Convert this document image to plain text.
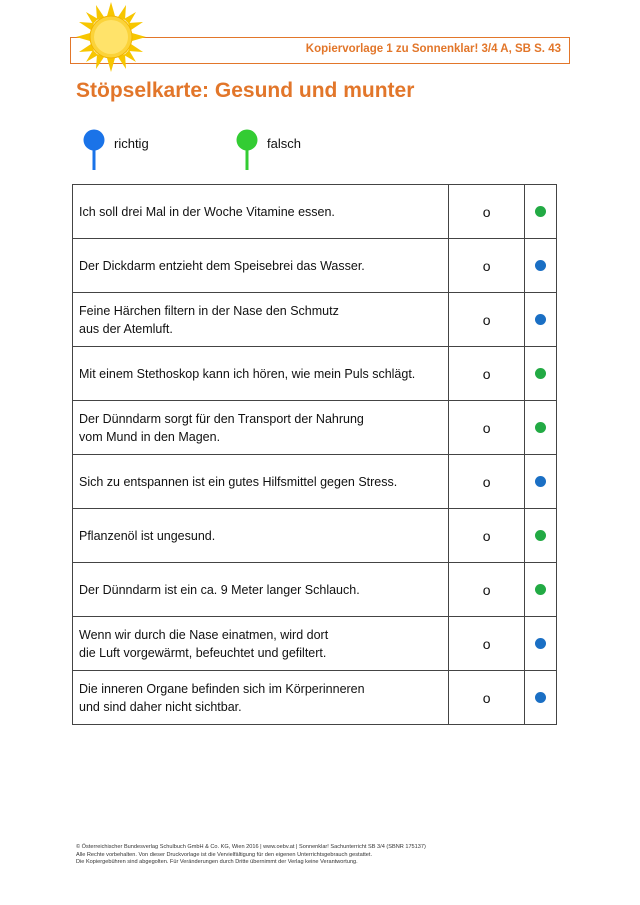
Kopiervorlage 1 zu Sonnenklar! 3/4 A, SB S. 43
Stöpselkarte: Gesund und munter
richtig	falsch
Ich soll drei Mal in der Woche Vitamine essen.	o	

Der Dickdarm entzieht dem Speisebrei das Wasser.	o	

Feine Härchen filtern in der Nase den Schmutz
aus der Atemluft.	o	

Mit einem Stethoskop kann ich hören, wie mein Puls schlägt.	o	

Der Dünndarm sorgt für den Transport der Nahrung
vom Mund in den Magen.	o	

Sich zu entspannen ist ein gutes Hilfsmittel gegen Stress.	o	

Pflanzenöl ist ungesund.	o	

Der Dünndarm ist ein ca. 9 Meter langer Schlauch.	o	

Wenn wir durch die Nase einatmen, wird dort
die Luft vorgewärmt, befeuchtet und gefiltert.	o	

Die inneren Organe befinden sich im Körperinneren
und sind daher nicht sichtbar.	o	
© Österreichischer Bundesverlag Schulbuch GmbH & Co. KG, Wien 2016 | www.oebv.at | Sonnenklar! Sachunterricht SB 3/4 (SBNR 175137)
Alle Rechte vorbehalten. Von dieser Druckvorlage ist die Vervielfältigung für den eigenen Unterrichtsgebrauch gestattet.
Die Kopiergebühren sind abgegolten. Für Veränderungen durch Dritte übernimmt der Verlag keine Verantwortung.
